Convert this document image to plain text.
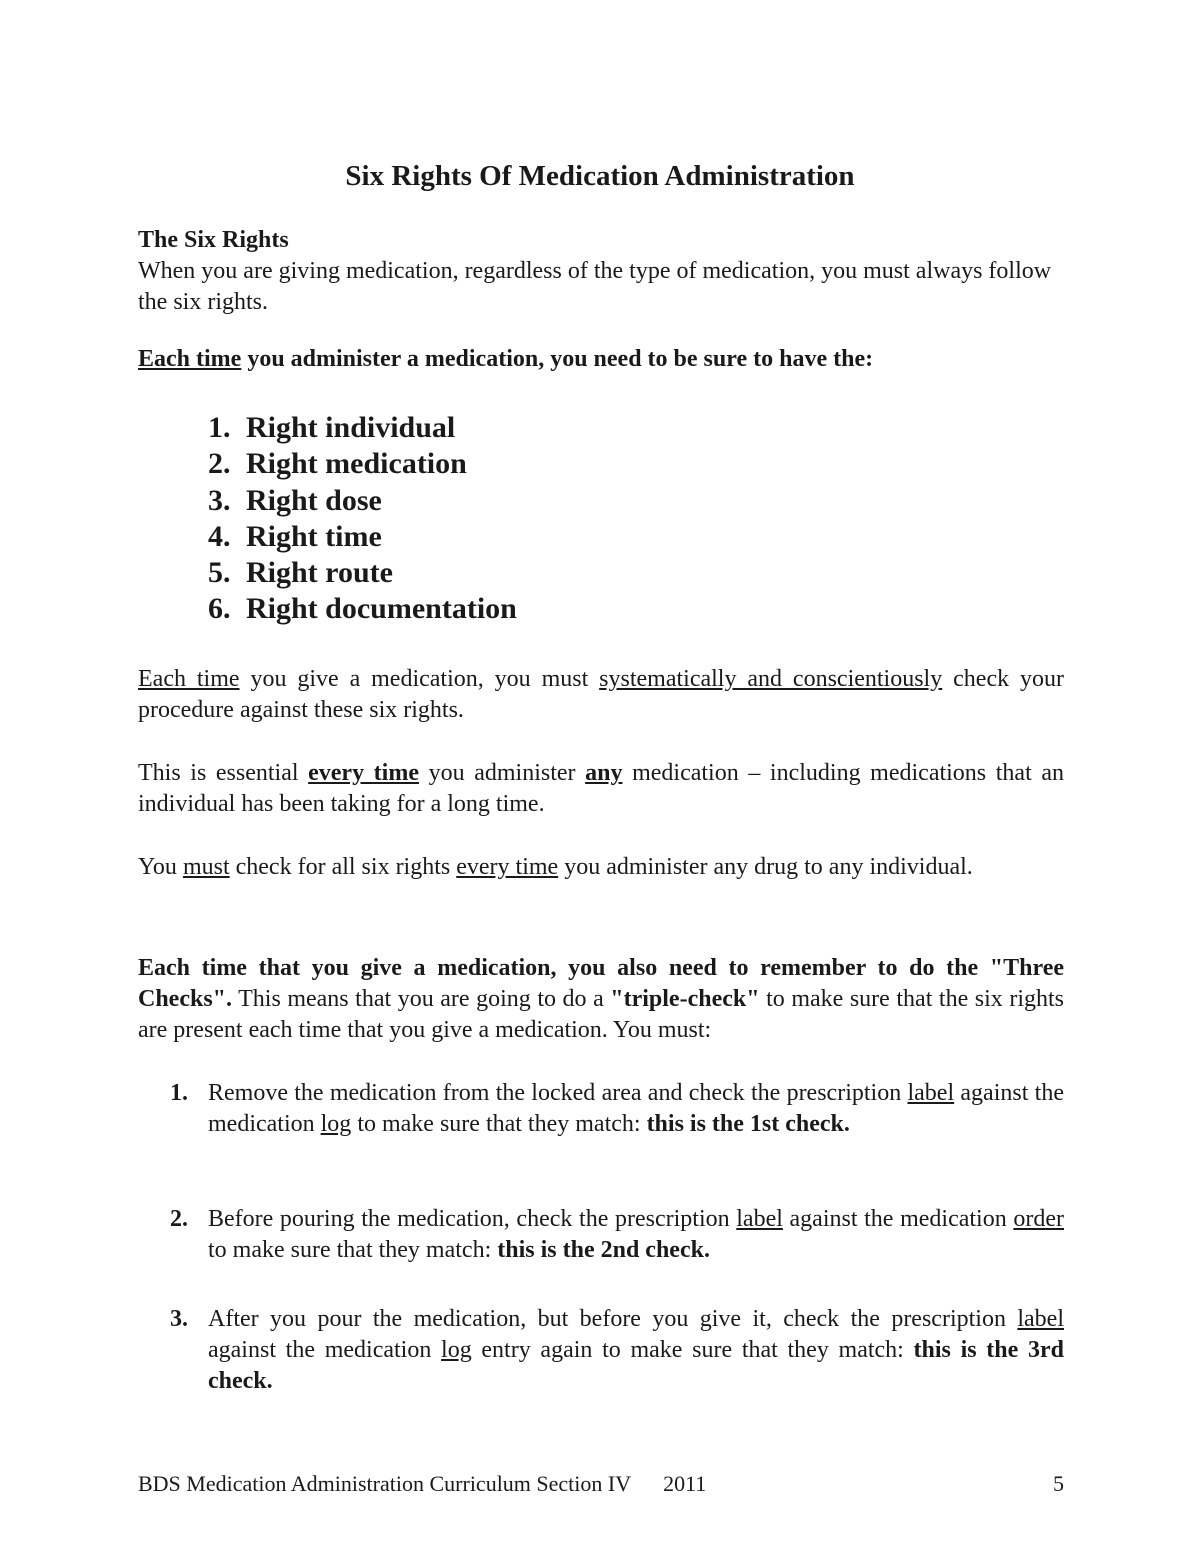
Six Rights Of Medication Administration

The Six Rights

When you are giving medication, regardless of the type of medication, you must always follow the six rights.

Each time you administer a medication, you need to be sure to have the:
1. Right individual
2. Right medication
3. Right dose
4. Right time
5. Right route
6. Right documentation
Each time you give a medication, you must systematically and conscientiously check your procedure against these six rights.
This is essential every time you administer any medication – including medications that an individual has been taking for a long time.
You must check for all six rights every time you administer any drug to any individual.
Each time that you give a medication, you also need to remember to do the "Three Checks". This means that you are going to do a "triple-check" to make sure that the six rights are present each time that you give a medication. You must:
1. Remove the medication from the locked area and check the prescription label against the medication log to make sure that they match: this is the 1st check.
2. Before pouring the medication, check the prescription label against the medication order to make sure that they match: this is the 2nd check.
3. After you pour the medication, but before you give it, check the prescription label against the medication log entry again to make sure that they match: this is the 3rd check.
BDS Medication Administration Curriculum Section IV 2011	5
